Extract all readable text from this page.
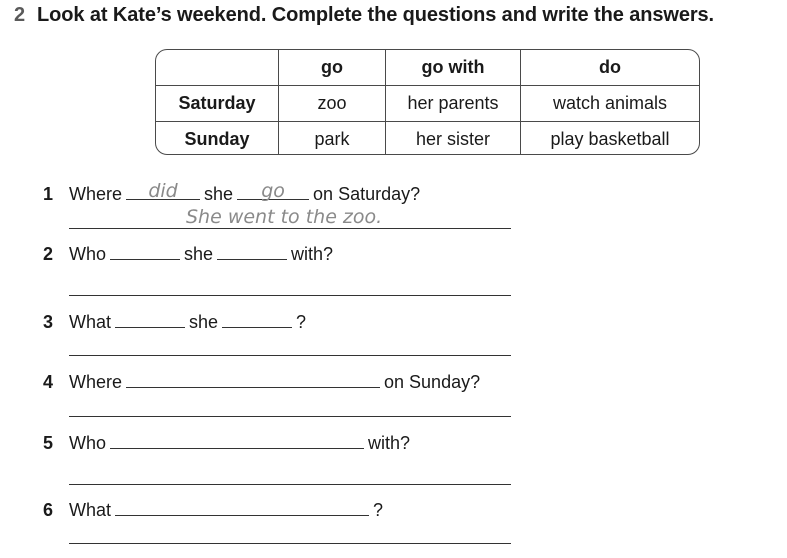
2 Look at Kate’s weekend. Complete the questions and write the answers.
	go	go with	do
Saturday	zoo	her parents	watch animals
Sunday	park	her sister	play basketball
1 Where	did	she	go	on Saturday?
She went to the zoo.
2 Who	she	with?
3 What	she	?
4 Where	on Sunday?
5 Who	with?
6 What	?
